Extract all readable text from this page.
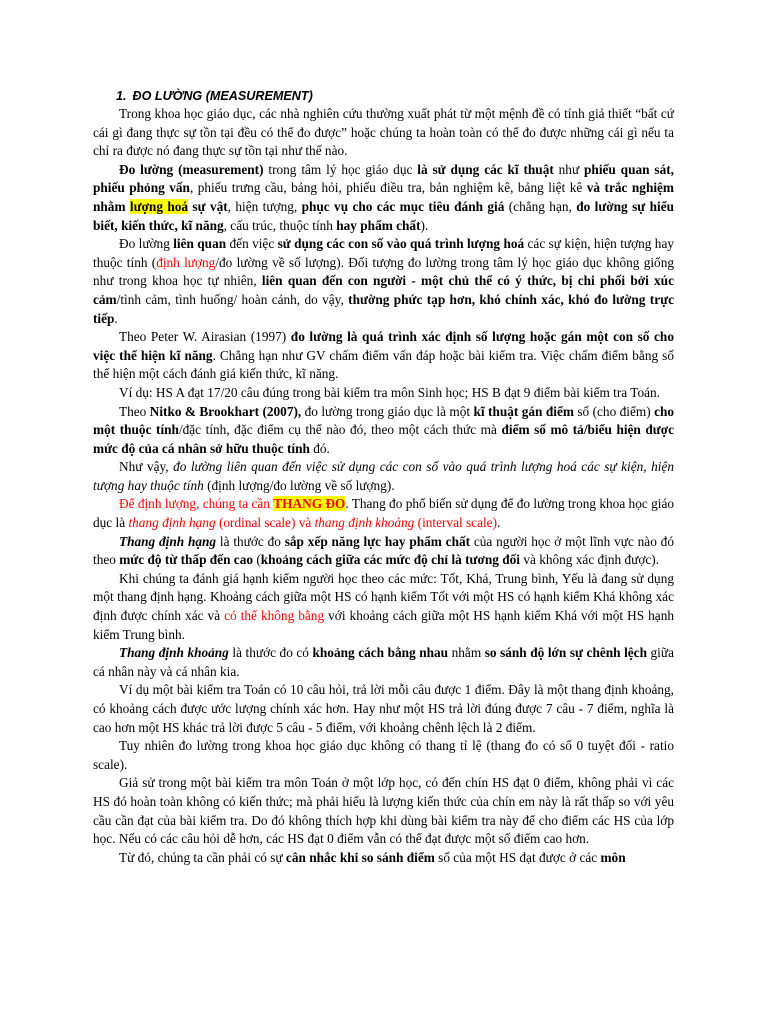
1. ĐO LƯỜNG (MEASUREMENT)

Trong khoa học giáo dục, các nhà nghiên cứu thường xuất phát từ một mệnh đề có tính giả thiết “bất cứ cái gì đang thực sự tồn tại đều có thể đo được” hoặc chúng ta hoàn toàn có thể đo được những cái gì nếu ta chỉ ra được nó đang thực sự tồn tại như thế nào.

Đo lường (measurement) trong tâm lý học giáo dục là sử dụng các kĩ thuật như phiếu quan sát, phiếu phỏng vấn, phiếu trưng cầu, bảng hỏi, phiếu điều tra, bản nghiệm kê, bảng liệt kê và trắc nghiệm nhằm lượng hoá sự vật, hiện tượng, phục vụ cho các mục tiêu đánh giá (chẳng hạn, đo lường sự hiểu biết, kiến thức, kĩ năng, cấu trúc, thuộc tính hay phẩm chất).

Đo lường liên quan đến việc sử dụng các con số vào quá trình lượng hoá các sự kiện, hiện tượng hay thuộc tính (định lượng/đo lường về số lượng). Đối tượng đo lường trong tâm lý học giáo dục không giống như trong khoa học tự nhiên, liên quan đến con người - một chủ thể có ý thức, bị chi phối bởi xúc cảm/tình cảm, tình huống/ hoàn cảnh, do vậy, thường phức tạp hơn, khó chính xác, khó đo lường trực tiếp.

Theo Peter W. Airasian (1997) đo lường là quá trình xác định số lượng hoặc gán một con số cho việc thể hiện kĩ năng. Chẳng hạn như GV chấm điểm vấn đáp hoặc bài kiểm tra. Việc chấm điểm bằng số thể hiện một cách đánh giá kiến thức, kĩ năng.

Ví dụ: HS A đạt 17/20 câu đúng trong bài kiểm tra môn Sinh học; HS B đạt 9 điểm bài kiểm tra Toán.

Theo Nitko & Brookhart (2007), đo lường trong giáo dục là một kĩ thuật gán điểm số (cho điểm) cho một thuộc tính/đặc tính, đặc điểm cụ thể nào đó, theo một cách thức mà điểm số mô tả/biểu hiện được mức độ của cá nhân sở hữu thuộc tính đó.

Như vậy, đo lường liên quan đến việc sử dụng các con số vào quá trình lượng hoá các sự kiện, hiện tượng hay thuộc tính (định lượng/đo lường về số lượng).

Để định lượng, chúng ta cần THANG ĐO. Thang đo phổ biến sử dụng để đo lường trong khoa học giáo dục là thang định hạng (ordinal scale) và thang định khoảng (interval scale).

Thang định hạng là thước đo sắp xếp năng lực hay phẩm chất của người học ở một lĩnh vực nào đó theo mức độ từ thấp đến cao (khoảng cách giữa các mức độ chỉ là tương đối và không xác định được).

Khi chúng ta đánh giá hạnh kiểm người học theo các mức: Tốt, Khá, Trung bình, Yếu là đang sử dụng một thang định hạng. Khoảng cách giữa một HS có hạnh kiểm Tốt với một HS có hạnh kiểm Khá không xác định được chính xác và có thể không bằng với khoảng cách giữa một HS hạnh kiểm Khá với một HS hạnh kiểm Trung bình.

Thang định khoảng là thước đo có khoảng cách bằng nhau nhằm so sánh độ lớn sự chênh lệch giữa cá nhân này và cá nhân kia.

Ví dụ một bài kiểm tra Toán có 10 câu hỏi, trả lời mỗi câu được 1 điểm. Đây là một thang định khoảng, có khoảng cách được ước lượng chính xác hơn. Hay như một HS trả lời đúng được 7 câu - 7 điểm, nghĩa là cao hơn một HS khác trả lời được 5 câu - 5 điểm, với khoảng chênh lệch là 2 điểm.

Tuy nhiên đo lường trong khoa học giáo dục không có thang tỉ lệ (thang đo có số 0 tuyệt đối - ratio scale).

Giả sử trong một bài kiểm tra môn Toán ở một lớp học, có đến chín HS đạt 0 điểm, không phải vì các HS đó hoàn toàn không có kiến thức; mà phải hiểu là lượng kiến thức của chín em này là rất thấp so với yêu cầu cần đạt của bài kiểm tra. Do đó không thích hợp khi dùng bài kiểm tra này để cho điểm các HS của lớp học. Nếu có các câu hỏi dễ hơn, các HS đạt 0 điểm vẫn có thể đạt được một số điểm cao hơn.

Từ đó, chúng ta cần phải có sự cân nhắc khi so sánh điểm số của một HS đạt được ở các môn
